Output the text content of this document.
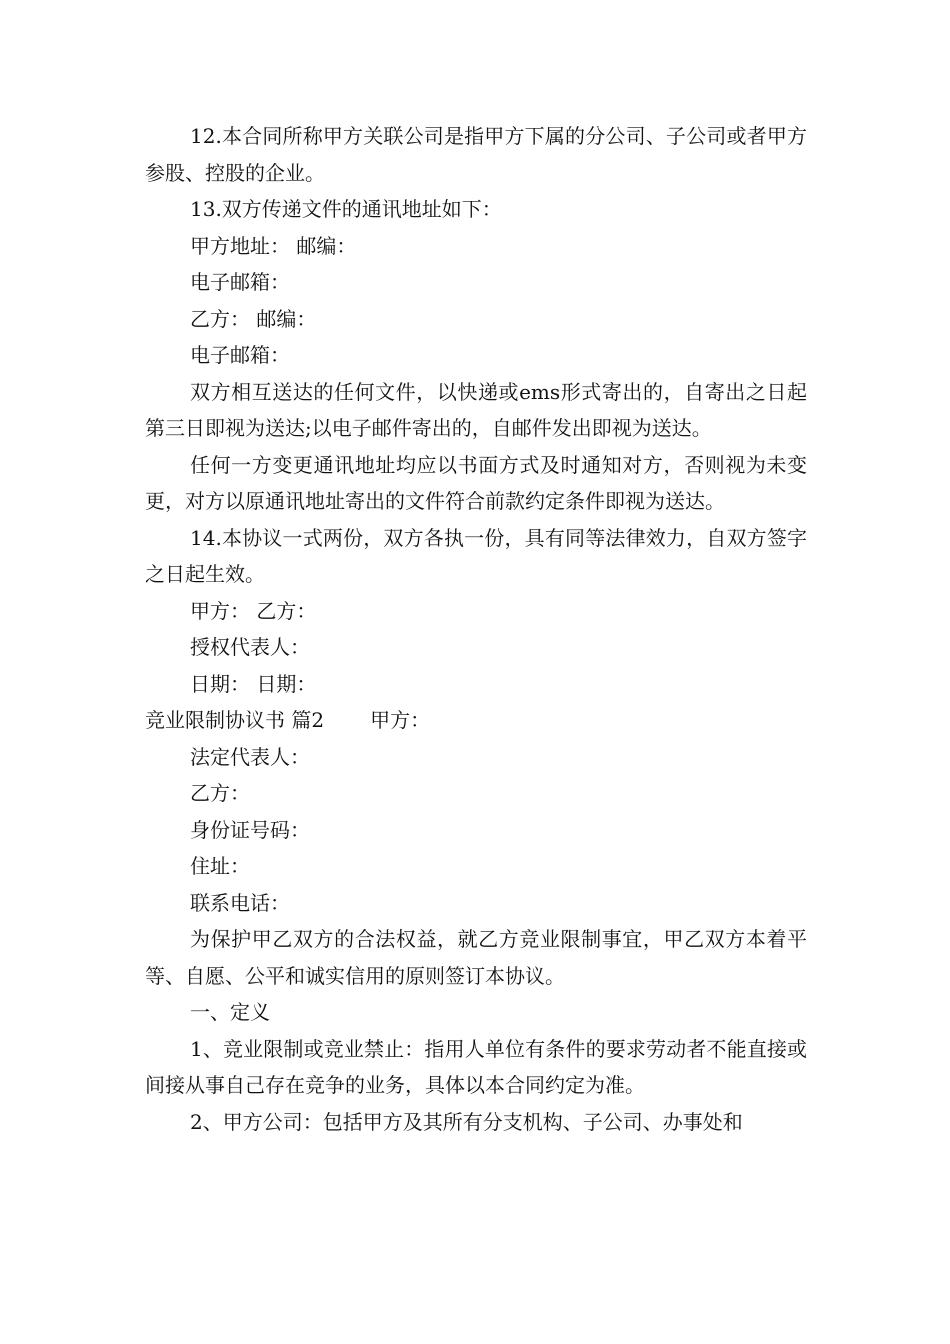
12.本合同所称甲方关联公司是指甲方下属的分公司、子公司或者甲方参股、控股的企业。

13.双方传递文件的通讯地址如下：

甲方地址： 邮编：

电子邮箱：

乙方： 邮编：

电子邮箱：

双方相互送达的任何文件，以快递或ems形式寄出的，自寄出之日起第三日即视为送达;以电子邮件寄出的，自邮件发出即视为送达。

任何一方变更通讯地址均应以书面方式及时通知对方，否则视为未变更，对方以原通讯地址寄出的文件符合前款约定条件即视为送达。

14.本协议一式两份，双方各执一份，具有同等法律效力，自双方签字之日起生效。

甲方： 乙方：

授权代表人：

日期： 日期：

竞业限制协议书 篇2 甲方：

法定代表人：

乙方：

身份证号码：

住址：

联系电话：

为保护甲乙双方的合法权益，就乙方竞业限制事宜，甲乙双方本着平等、自愿、公平和诚实信用的原则签订本协议。

一、定义

1、竞业限制或竞业禁止：指用人单位有条件的要求劳动者不能直接或间接从事自己存在竞争的业务，具体以本合同约定为准。

2、甲方公司：包括甲方及其所有分支机构、子公司、办事处和
